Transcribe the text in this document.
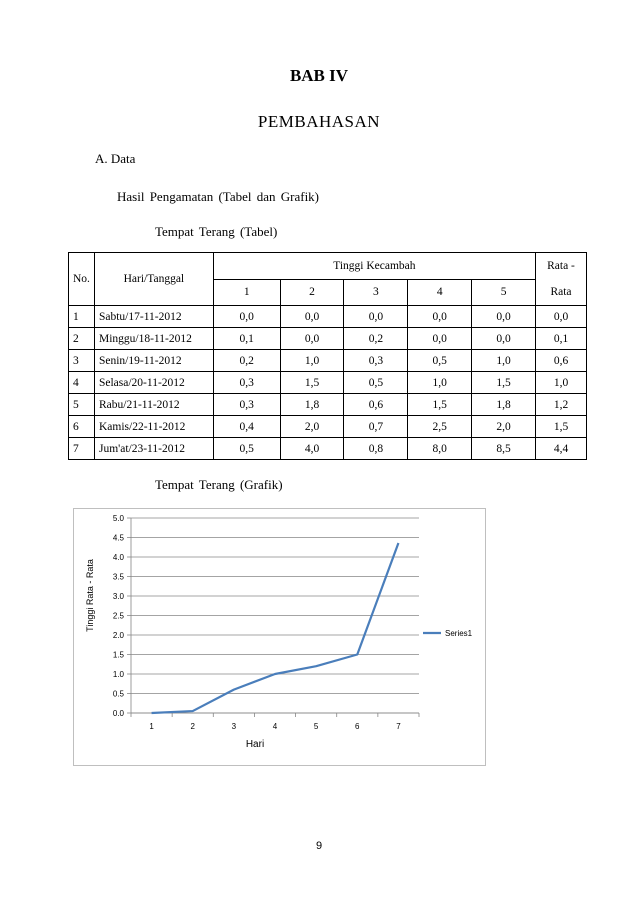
BAB IV
PEMBAHASAN
A. Data
Hasil Pengamatan (Tabel dan Grafik)
Tempat Terang (Tabel)
No.	Hari/Tanggal	Tinggi Kecambah					Rata -
Rata
		1	2	3	4	5	
1	Sabtu/17-11-2012	0,0	0,0	0,0	0,0	0,0	0,0
2	Minggu/18-11-2012	0,1	0,0	0,2	0,0	0,0	0,1
3	Senin/19-11-2012	0,2	1,0	0,3	0,5	1,0	0,6
4	Selasa/20-11-2012	0,3	1,5	0,5	1,0	1,5	1,0
5	Rabu/21-11-2012	0,3	1,8	0,6	1,5	1,8	1,2
6	Kamis/22-11-2012	0,4	2,0	0,7	2,5	2,0	1,5
7	Jum'at/23-11-2012	0,5	4,0	0,8	8,0	8,5	4,4
Tempat Terang (Grafik)
0.0
0.5
1.0
1.5
2.0
2.5
3.0
3.5
4.0
4.5
5.0
1	2	3	4	5	6	7
Hari
Tinggi Rata - Rata
Series1
9
